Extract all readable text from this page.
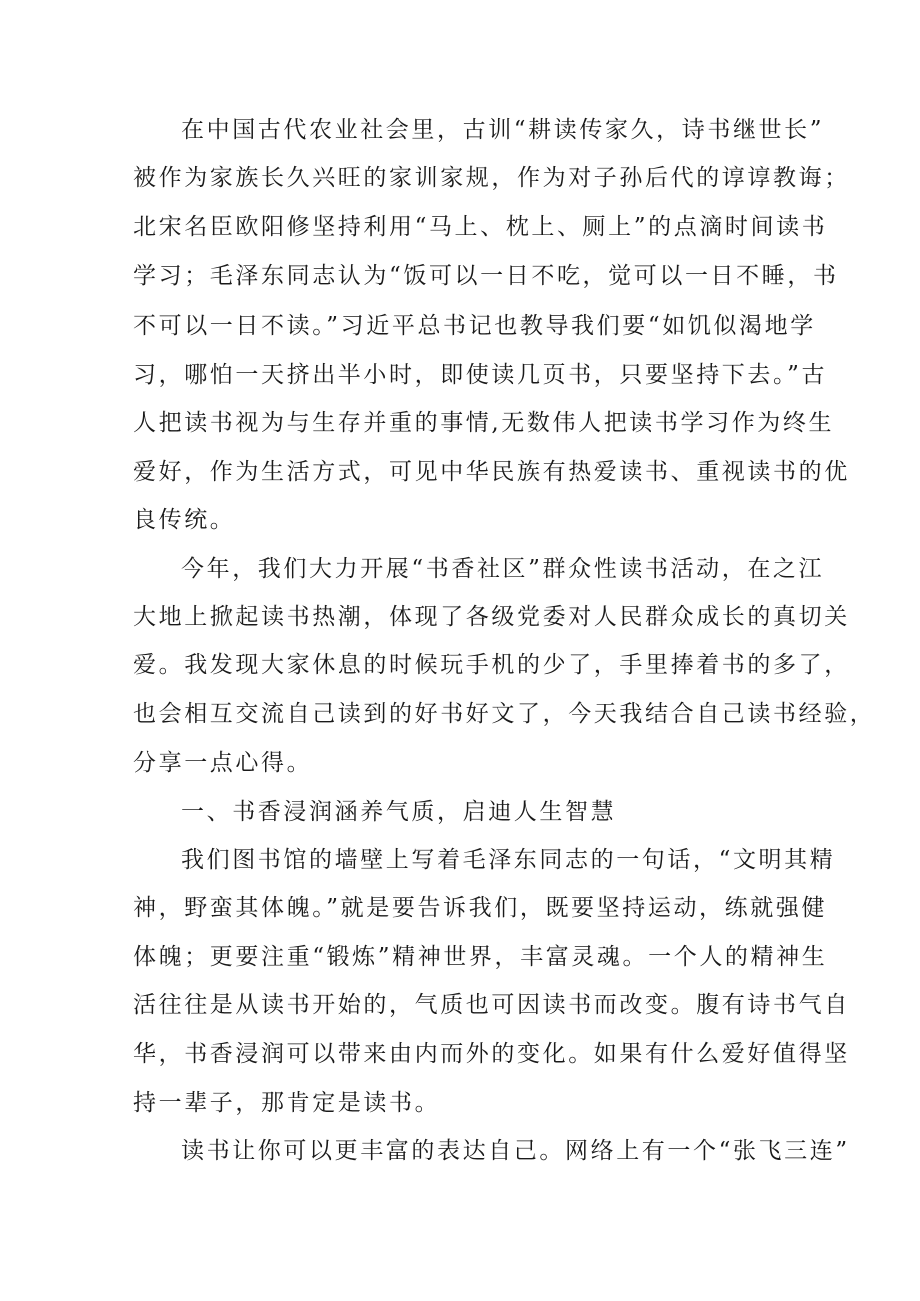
在中国古代农业社会里，古训“耕读传家久，诗书继世长”
被作为家族长久兴旺的家训家规，作为对子孙后代的谆谆教诲；
北宋名臣欧阳修坚持利用“马上、枕上、厕上”的点滴时间读书
学习；毛泽东同志认为“饭可以一日不吃，觉可以一日不睡，书
不可以一日不读。”习近平总书记也教导我们要“如饥似渴地学
习，哪怕一天挤出半小时，即使读几页书，只要坚持下去。”古
人把读书视为与生存并重的事情,无数伟人把读书学习作为终生
爱好，作为生活方式，可见中华民族有热爱读书、重视读书的优
良传统。
今年，我们大力开展“书香社区”群众性读书活动，在之江
大地上掀起读书热潮，体现了各级党委对人民群众成长的真切关
爱。我发现大家休息的时候玩手机的少了，手里捧着书的多了，
也会相互交流自己读到的好书好文了，今天我结合自己读书经验，
分享一点心得。
一、书香浸润涵养气质，启迪人生智慧
我们图书馆的墙壁上写着毛泽东同志的一句话，“文明其精
神，野蛮其体魄。”就是要告诉我们，既要坚持运动，练就强健
体魄；更要注重“锻炼”精神世界，丰富灵魂。一个人的精神生
活往往是从读书开始的，气质也可因读书而改变。腹有诗书气自
华，书香浸润可以带来由内而外的变化。如果有什么爱好值得坚
持一辈子，那肯定是读书。
读书让你可以更丰富的表达自己。网络上有一个“张飞三连”
